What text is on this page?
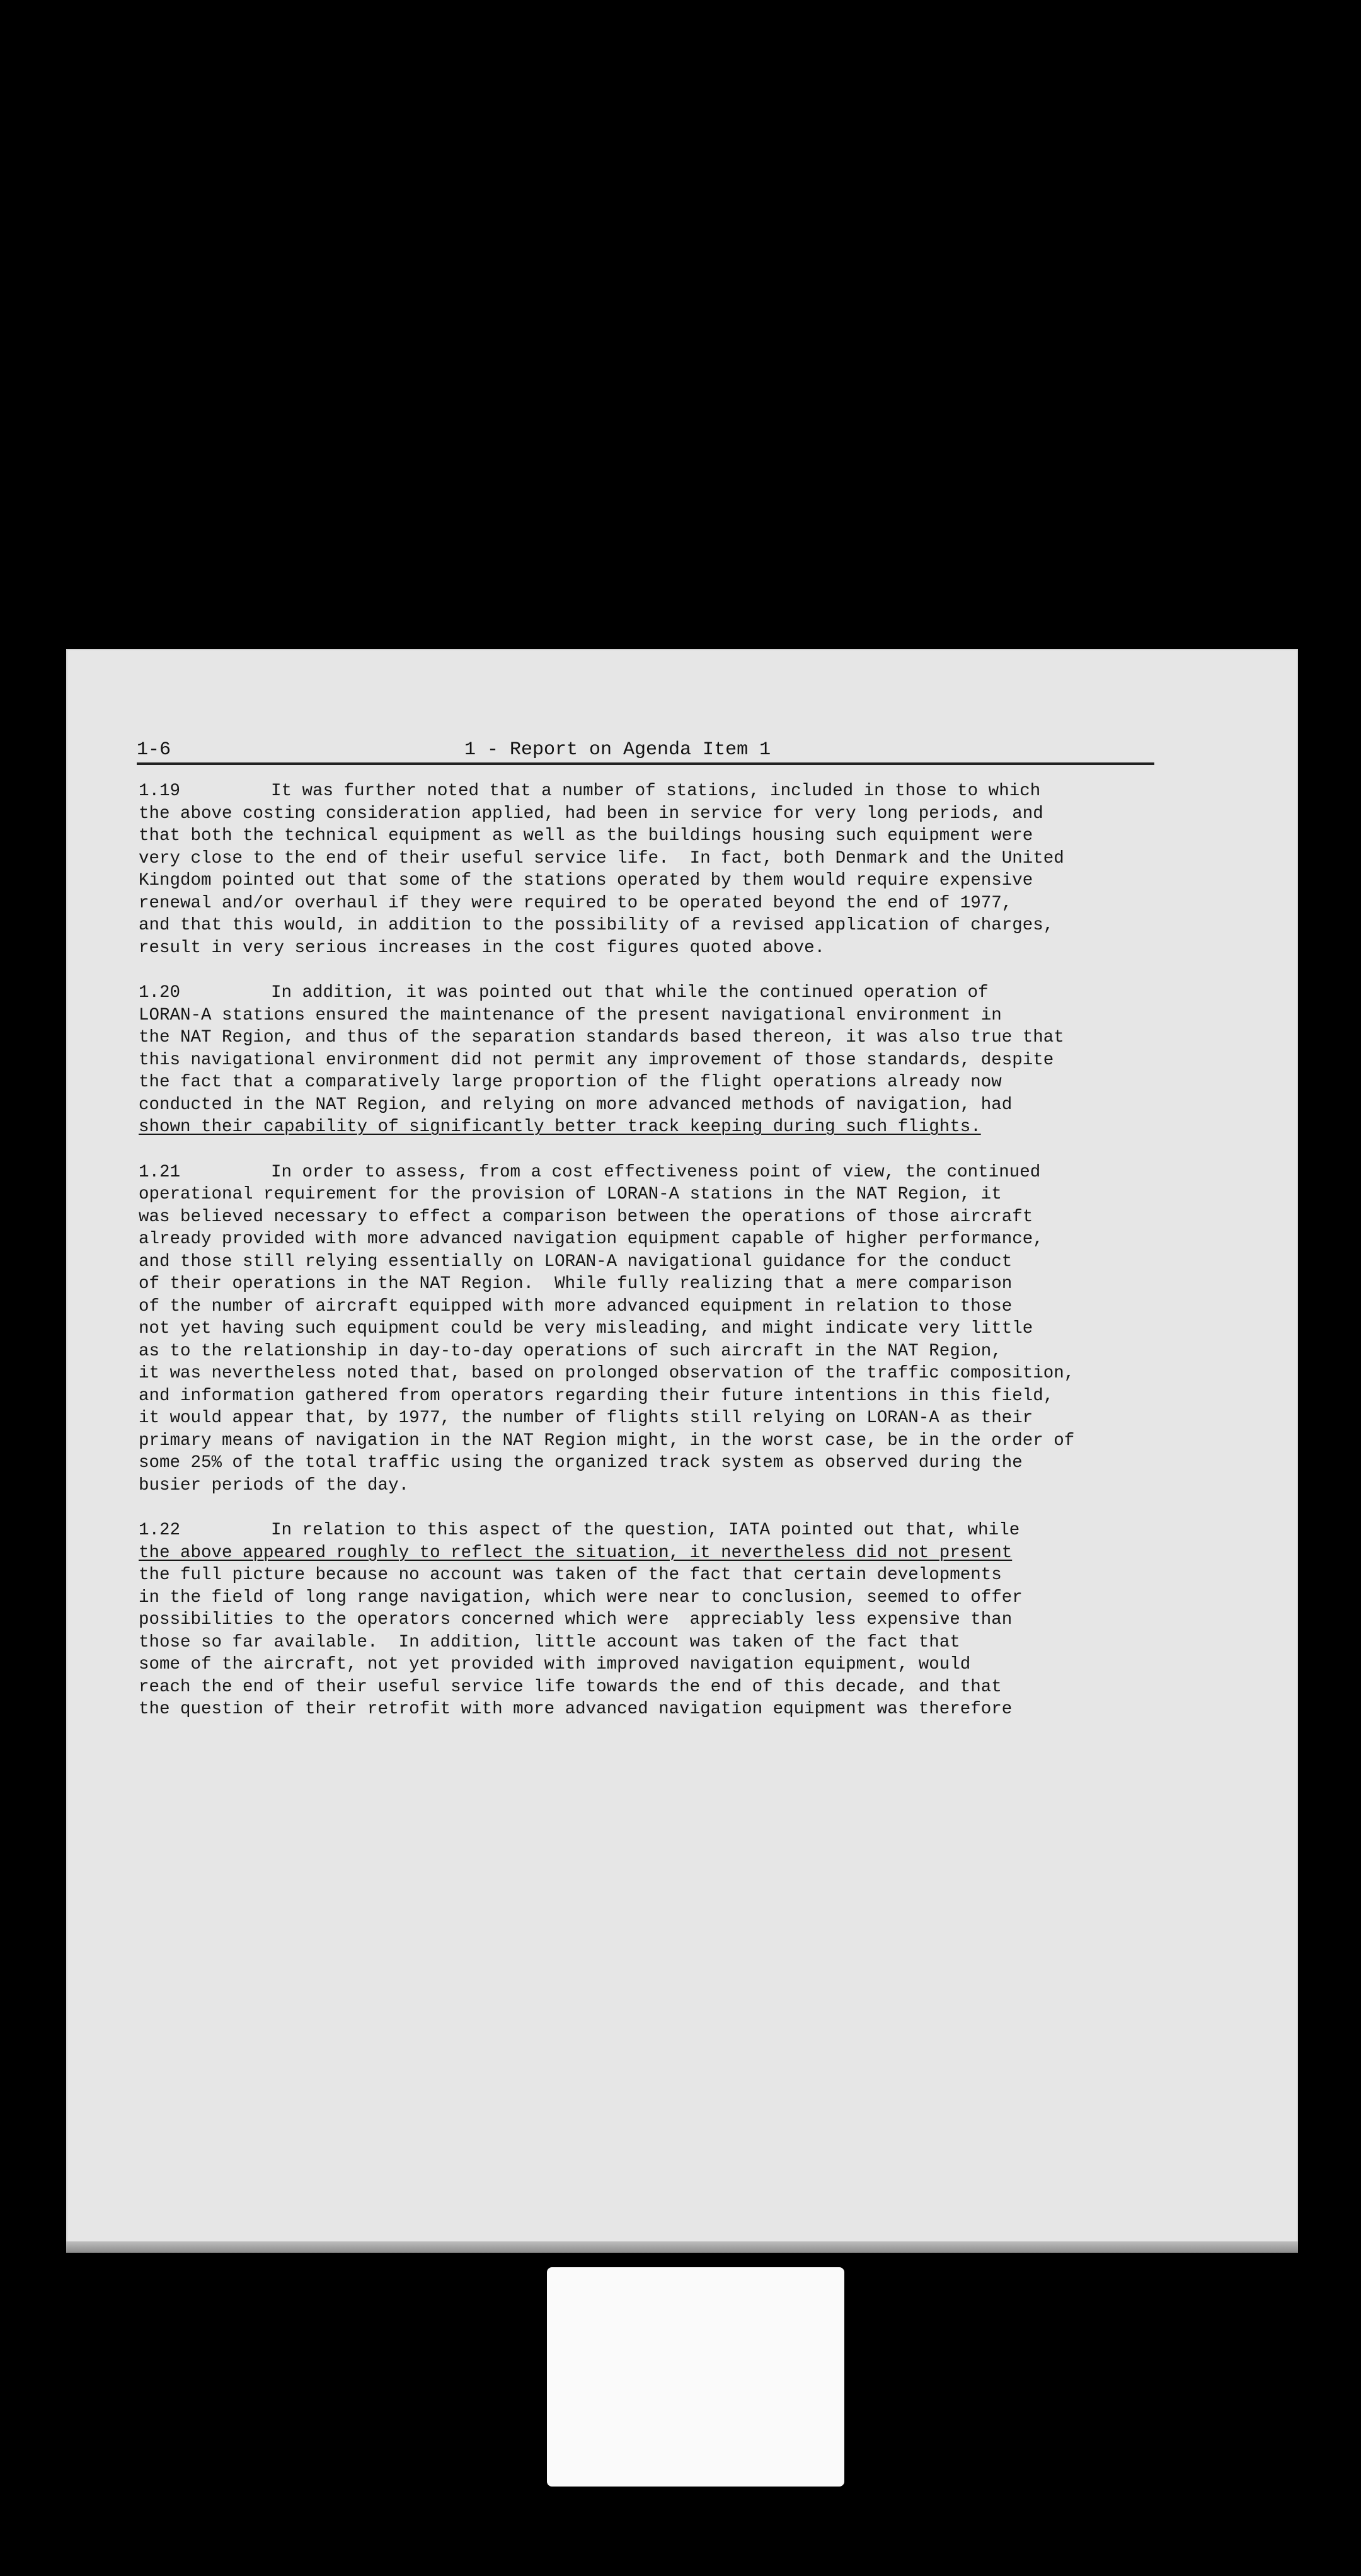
1-6	1 - Report on Agenda Item 1
1.19	It was further noted that a number of stations, included in those to which
the above costing consideration applied, had been in service for very long periods, and
that both the technical equipment as well as the buildings housing such equipment were
very close to the end of their useful service life.  In fact, both Denmark and the United
Kingdom pointed out that some of the stations operated by them would require expensive
renewal and/or overhaul if they were required to be operated beyond the end of 1977,
and that this would, in addition to the possibility of a revised application of charges,
result in very serious increases in the cost figures quoted above.
1.20	In addition, it was pointed out that while the continued operation of
LORAN-A stations ensured the maintenance of the present navigational environment in
the NAT Region, and thus of the separation standards based thereon, it was also true that
this navigational environment did not permit any improvement of those standards, despite
the fact that a comparatively large proportion of the flight operations already now
conducted in the NAT Region, and relying on more advanced methods of navigation, had
shown their capability of significantly better track keeping during such flights.
1.21	In order to assess, from a cost effectiveness point of view, the continued
operational requirement for the provision of LORAN-A stations in the NAT Region, it
was believed necessary to effect a comparison between the operations of those aircraft
already provided with more advanced navigation equipment capable of higher performance,
and those still relying essentially on LORAN-A navigational guidance for the conduct
of their operations in the NAT Region.  While fully realizing that a mere comparison
of the number of aircraft equipped with more advanced equipment in relation to those
not yet having such equipment could be very misleading, and might indicate very little
as to the relationship in day-to-day operations of such aircraft in the NAT Region,
it was nevertheless noted that, based on prolonged observation of the traffic composition,
and information gathered from operators regarding their future intentions in this field,
it would appear that, by 1977, the number of flights still relying on LORAN-A as their
primary means of navigation in the NAT Region might, in the worst case, be in the order of
some 25% of the total traffic using the organized track system as observed during the
busier periods of the day.
1.22	In relation to this aspect of the question, IATA pointed out that, while
the above appeared roughly to reflect the situation, it nevertheless did not present
the full picture because no account was taken of the fact that certain developments
in the field of long range navigation, which were near to conclusion, seemed to offer
possibilities to the operators concerned which were  appreciably less expensive than
those so far available.  In addition, little account was taken of the fact that
some of the aircraft, not yet provided with improved navigation equipment, would
reach the end of their useful service life towards the end of this decade, and that
the question of their retrofit with more advanced navigation equipment was therefore
